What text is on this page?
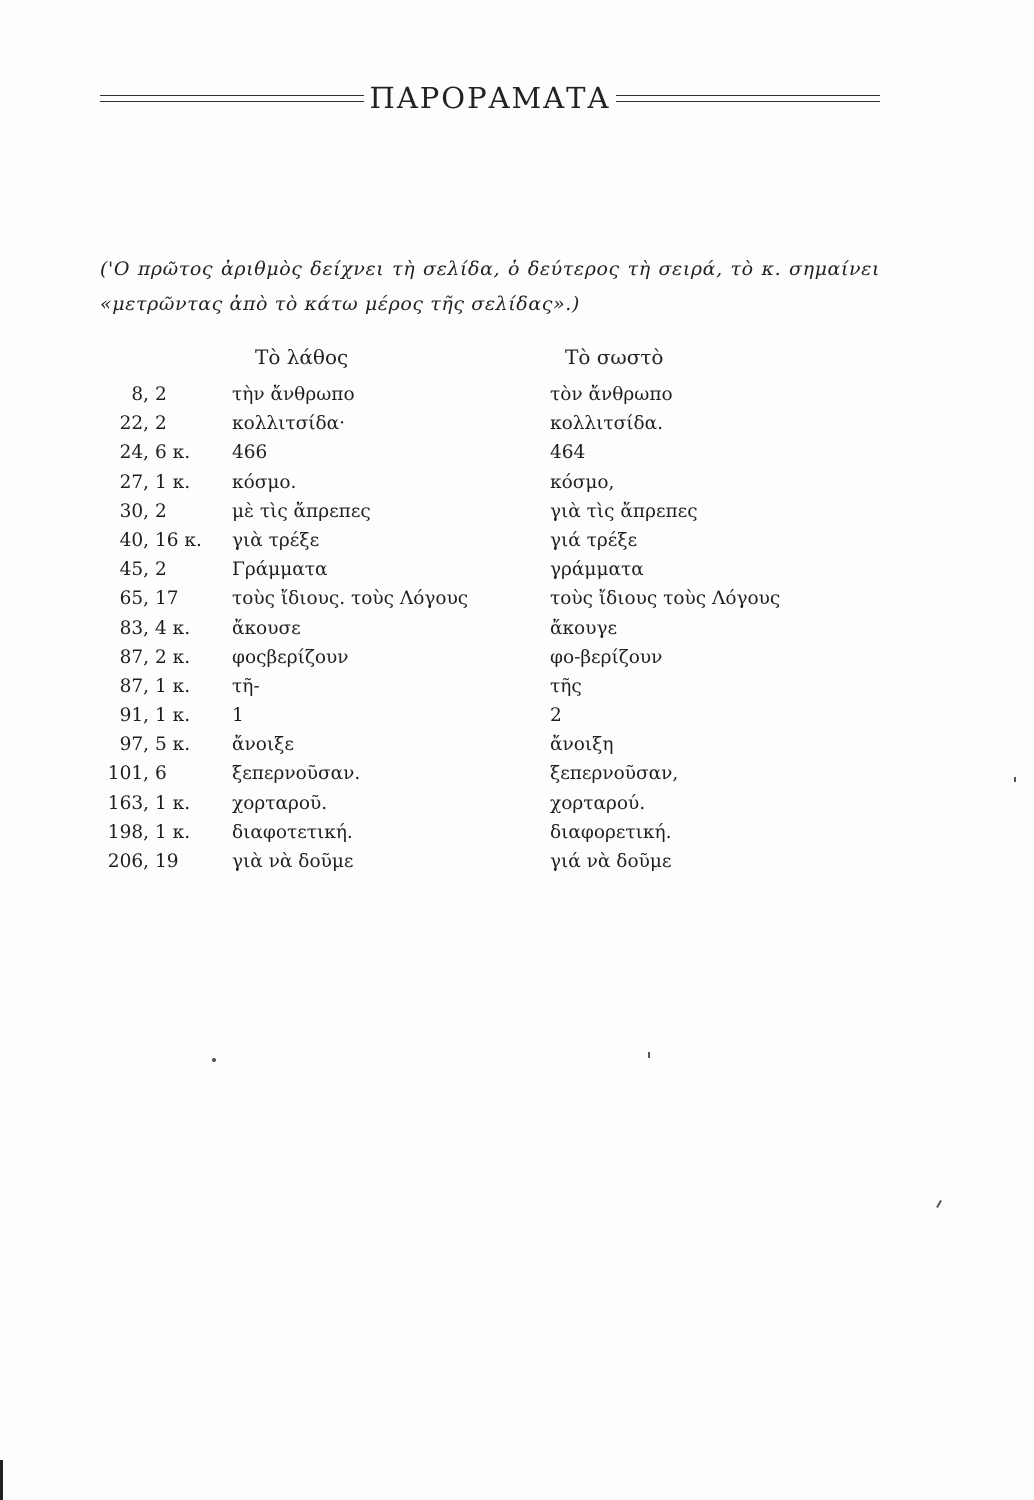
ΠΑΡΟΡΑΜΑΤΑ
('Ο πρῶτος ἀριθμὸς δείχνει τὴ σελίδα, ὁ δεύτερος τὴ σειρά, τὸ κ. σημαίνει «μετρῶντας ἀπὸ τὸ κάτω μέρος τῆς σελίδας».)
Τὸ λάθος	Τὸ σωστὸ
8, 2	τὴν ἄνθρωπο	τὸν ἄνθρωπο
22, 2	κολλιτσίδα·	κολλιτσίδα.
24, 6 κ.	466	464
27, 1 κ.	κόσμο.	κόσμο,
30, 2	μὲ τὶς ἄπρεπες	γιὰ τὶς ἄπρεπες
40, 16 κ.	γιὰ τρέξε	γιά τρέξε
45, 2	Γράμματα	γράμματα
65, 17	τοὺς ἴδιους. τοὺς Λόγους	τοὺς ἴδιους τοὺς Λόγους
83, 4 κ.	ἄκουσε	ἄκουγε
87, 2 κ.	φοςβερίζουν	φο-βερίζουν
87, 1 κ.	τῆ-	τῆς
91, 1 κ.	1	2
97, 5 κ.	ἄνοιξε	ἄνοιξη
101, 6	ξεπερνοῦσαν.	ξεπερνοῦσαν,
163, 1 κ.	χορταροῦ.	χορταρού.
198, 1 κ.	διαφοτετική.	διαφορετική.
206, 19	γιὰ νὰ δοῦμε	γιά νὰ δοῦμε
